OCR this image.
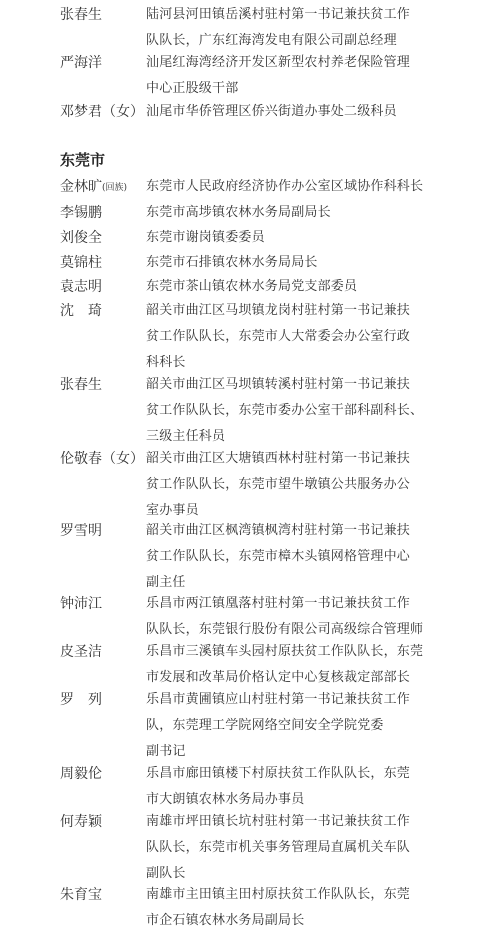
张春生	陆河县河田镇岳溪村驻村第一书记兼扶贫工作
队队长，广东红海湾发电有限公司副总经理
严海洋	汕尾红海湾经济开发区新型农村养老保险管理
中心正股级干部
邓梦君（女） 汕尾市华侨管理区侨兴街道办事处二级科员
东莞市
金林旷(回族) 东莞市人民政府经济协作办公室区域协作科科长
李锡鹏	东莞市高埗镇农林水务局副局长
刘俊全	东莞市谢岗镇委委员
莫锦柱	东莞市石排镇农林水务局局长
袁志明	东莞市茶山镇农林水务局党支部委员
沈　琦	韶关市曲江区马坝镇龙岗村驻村第一书记兼扶
贫工作队队长，东莞市人大常委会办公室行政
科科长
张春生	韶关市曲江区马坝镇转溪村驻村第一书记兼扶
贫工作队队长，东莞市委办公室干部科副科长、
三级主任科员
伦敬春（女） 韶关市曲江区大塘镇西林村驻村第一书记兼扶
贫工作队队长，东莞市望牛墩镇公共服务办公
室办事员
罗雪明	韶关市曲江区枫湾镇枫湾村驻村第一书记兼扶
贫工作队队长，东莞市樟木头镇网格管理中心
副主任
钟沛江	乐昌市两江镇凰落村驻村第一书记兼扶贫工作
队队长，东莞银行股份有限公司高级综合管理师
皮圣洁	乐昌市三溪镇车头园村原扶贫工作队队长，东莞
市发展和改革局价格认定中心复核裁定部部长
罗　列	乐昌市黄圃镇应山村驻村第一书记兼扶贫工作
队，东莞理工学院网络空间安全学院党委
副书记
周毅伦	乐昌市廊田镇楼下村原扶贫工作队队长，东莞
市大朗镇农林水务局办事员
何寿颖	南雄市坪田镇长坑村驻村第一书记兼扶贫工作
队队长，东莞市机关事务管理局直属机关车队
副队长
朱育宝	南雄市主田镇主田村原扶贫工作队队长，东莞
市企石镇农林水务局副局长
